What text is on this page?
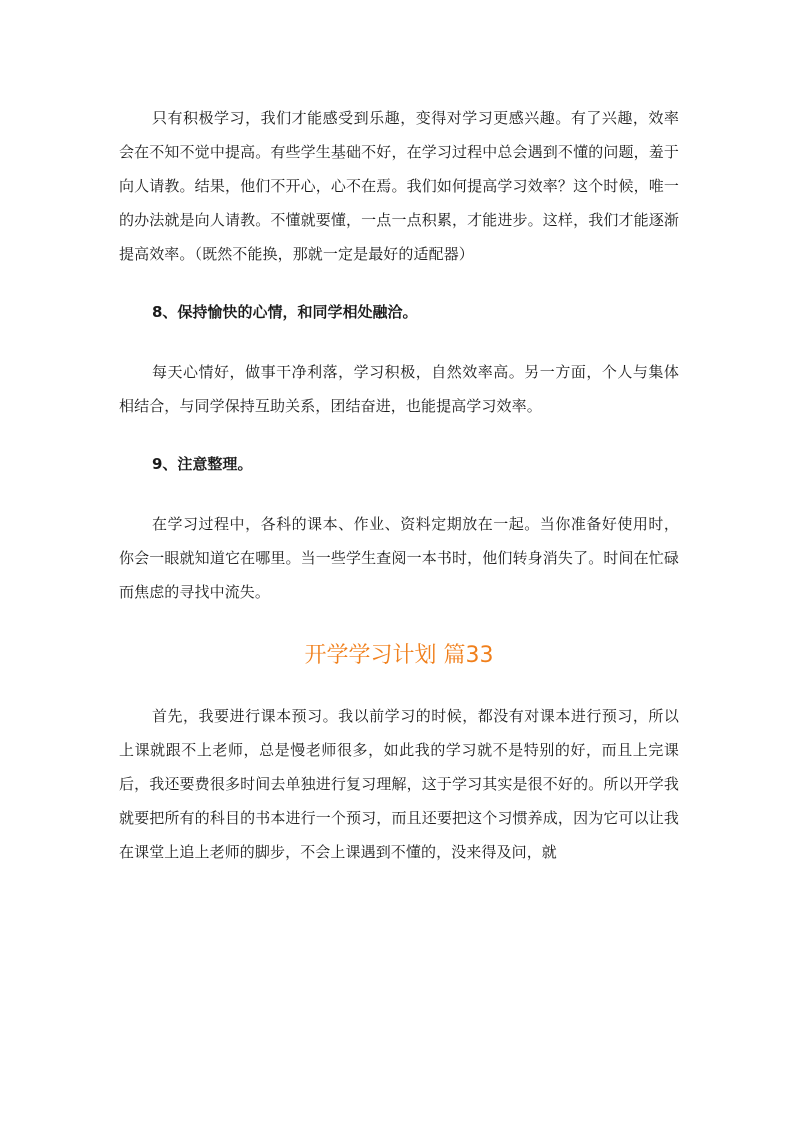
只有积极学习，我们才能感受到乐趣，变得对学习更感兴趣。有了兴趣，效率会在不知不觉中提高。有些学生基础不好，在学习过程中总会遇到不懂的问题，羞于向人请教。结果，他们不开心，心不在焉。我们如何提高学习效率？这个时候，唯一的办法就是向人请教。不懂就要懂，一点一点积累，才能进步。这样，我们才能逐渐提高效率。（既然不能换，那就一定是最好的适配器）

8、保持愉快的心情，和同学相处融洽。

每天心情好，做事干净利落，学习积极，自然效率高。另一方面，个人与集体相结合，与同学保持互助关系，团结奋进，也能提高学习效率。

9、注意整理。

在学习过程中，各科的课本、作业、资料定期放在一起。当你准备好使用时，你会一眼就知道它在哪里。当一些学生查阅一本书时，他们转身消失了。时间在忙碌而焦虑的寻找中流失。

开学学习计划 篇33

首先，我要进行课本预习。我以前学习的时候，都没有对课本进行预习，所以上课就跟不上老师，总是慢老师很多，如此我的学习就不是特别的好，而且上完课后，我还要费很多时间去单独进行复习理解，这于学习其实是很不好的。所以开学我就要把所有的科目的书本进行一个预习，而且还要把这个习惯养成，因为它可以让我在课堂上追上老师的脚步，不会上课遇到不懂的，没来得及问，就
